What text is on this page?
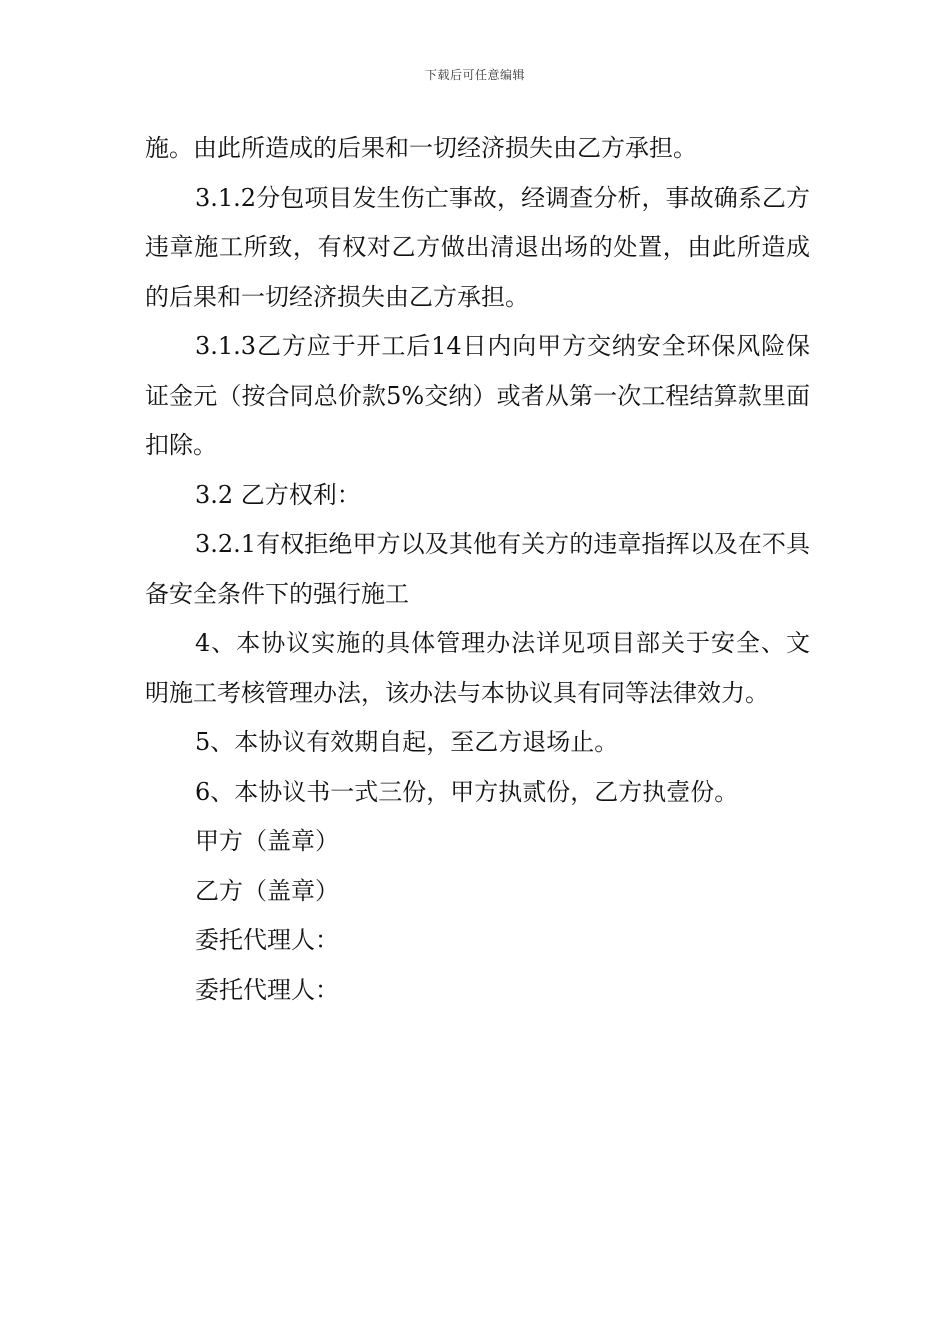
下载后可任意编辑

施。由此所造成的后果和一切经济损失由乙方承担。

3.1.2分包项目发生伤亡事故，经调查分析，事故确系乙方违章施工所致，有权对乙方做出清退出场的处置，由此所造成的后果和一切经济损失由乙方承担。

3.1.3乙方应于开工后14日内向甲方交纳安全环保风险保证金元（按合同总价款5%交纳）或者从第一次工程结算款里面扣除。

3.2 乙方权利：

3.2.1有权拒绝甲方以及其他有关方的违章指挥以及在不具备安全条件下的强行施工

4、本协议实施的具体管理办法详见项目部关于安全、文明施工考核管理办法，该办法与本协议具有同等法律效力。

5、本协议有效期自起，至乙方退场止。

6、本协议书一式三份，甲方执贰份，乙方执壹份。

甲方（盖章）

乙方（盖章）

委托代理人：

委托代理人：
